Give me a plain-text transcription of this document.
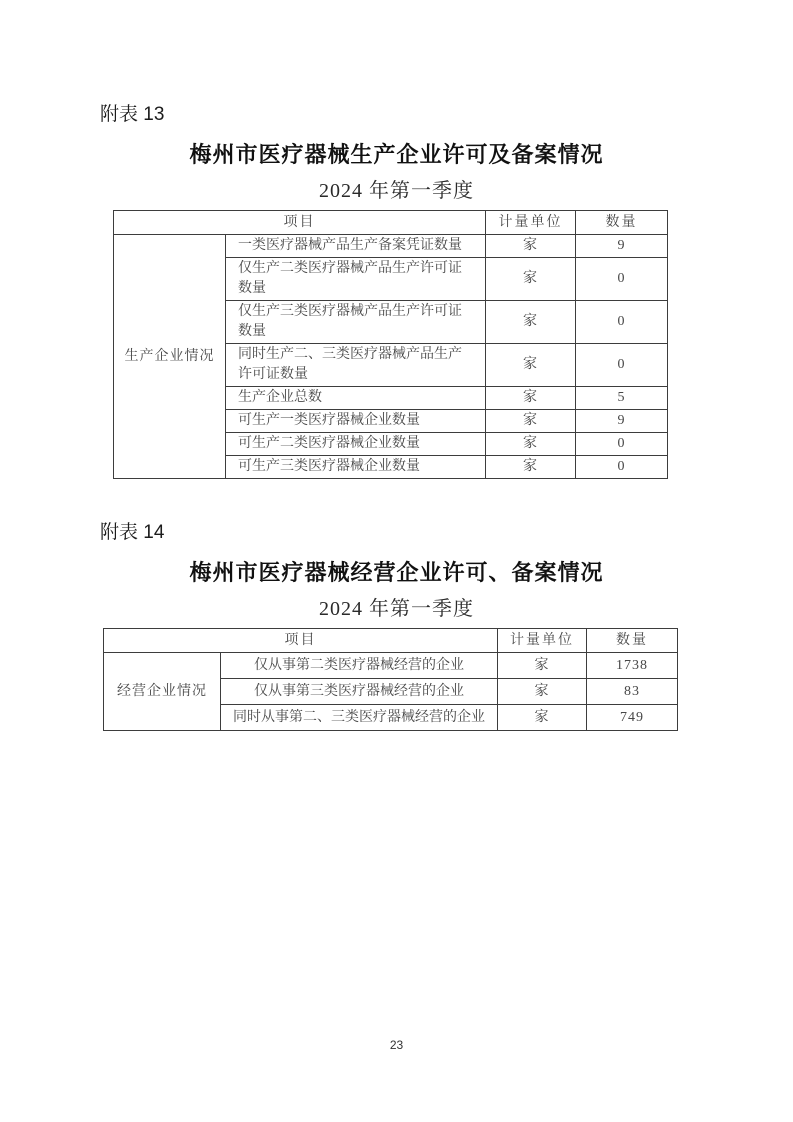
附表 13

梅州市医疗器械生产企业许可及备案情况
2024 年第一季度
项目		计量单位	数量
生产企业情况	一类医疗器械产品生产备案凭证数量	家	9
	仅生产二类医疗器械产品生产许可证数量	家	0
	仅生产三类医疗器械产品生产许可证数量	家	0
	同时生产二、三类医疗器械产品生产许可证数量	家	0
	生产企业总数	家	5
	可生产一类医疗器械企业数量	家	9
	可生产二类医疗器械企业数量	家	0
	可生产三类医疗器械企业数量	家	0

附表 14

梅州市医疗器械经营企业许可、备案情况
2024 年第一季度
项目		计量单位	数量
经营企业情况	仅从事第二类医疗器械经营的企业	家	1738
	仅从事第三类医疗器械经营的企业	家	83
	同时从事第二、三类医疗器械经营的企业	家	749
23
